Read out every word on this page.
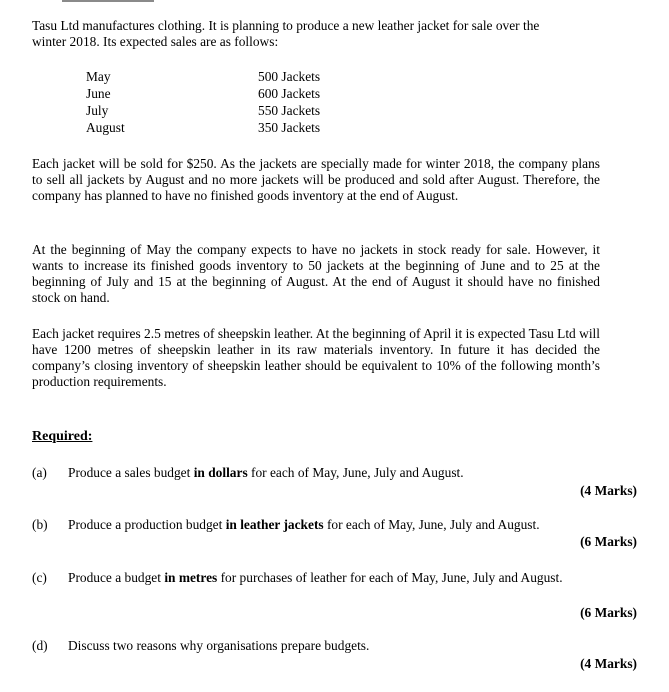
Tasu Ltd manufactures clothing. It is planning to produce a new leather jacket for sale over the
winter 2018. Its expected sales are as follows:

May	500 Jackets
June	600 Jackets
July	550 Jackets
August	350 Jackets

Each jacket will be sold for $250. As the jackets are specially made for winter 2018, the company plans to sell all jackets by August and no more jackets will be produced and sold after August. Therefore, the company has planned to have no finished goods inventory at the end of August.

At the beginning of May the company expects to have no jackets in stock ready for sale. However, it wants to increase its finished goods inventory to 50 jackets at the beginning of June and to 25 at the beginning of July and 15 at the beginning of August. At the end of August it should have no finished stock on hand.

Each jacket requires 2.5 metres of sheepskin leather. At the beginning of April it is expected Tasu Ltd will have 1200 metres of sheepskin leather in its raw materials inventory. In future it has decided the company’s closing inventory of sheepskin leather should be equivalent to 10% of the following month’s production requirements.

Required:
(a) Produce a sales budget in dollars for each of May, June, July and August.
(4 Marks)
(b) Produce a production budget in leather jackets for each of May, June, July and August.
(6 Marks)
(c) Produce a budget in metres for purchases of leather for each of May, June, July and August.
(6 Marks)
(d) Discuss two reasons why organisations prepare budgets.
(4 Marks)
